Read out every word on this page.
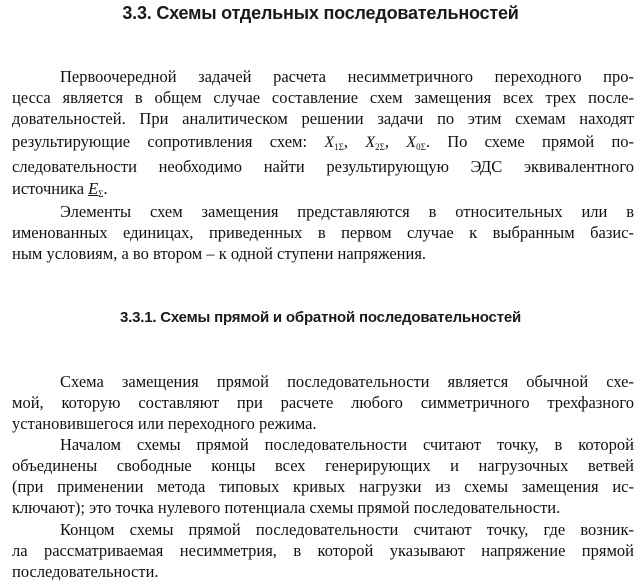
3.3. Схемы отдельных последовательностей
Первоочередной задачей расчета несимметричного переходного про-
цесса является в общем случае составление схем замещения всех трех после-
довательностей. При аналитическом решении задачи по этим схемам находят
результирующие сопротивления схем: $X_{1\Sigma}$, $X_{2\Sigma}$, $X_{0\Sigma}$. По схеме прямой по-
следовательности необходимо найти результирующую ЭДС эквивалентного
источника $E_\Sigma$.
Элементы схем замещения представляются в относительных или в
именованных единицах, приведенных в первом случае к выбранным базис-
ным условиям, а во втором – к одной ступени напряжения.
3.3.1. Схемы прямой и обратной последовательностей
Схема замещения прямой последовательности является обычной схе-
мой, которую составляют при расчете любого симметричного трехфазного
установившегося или переходного режима.
Началом схемы прямой последовательности считают точку, в которой
объединены свободные концы всех генерирующих и нагрузочных ветвей
(при применении метода типовых кривых нагрузки из схемы замещения ис-
ключают); это точка нулевого потенциала схемы прямой последовательности.
Концом схемы прямой последовательности считают точку, где возник-
ла рассматриваемая несимметрия, в которой указывают напряжение прямой
последовательности.
